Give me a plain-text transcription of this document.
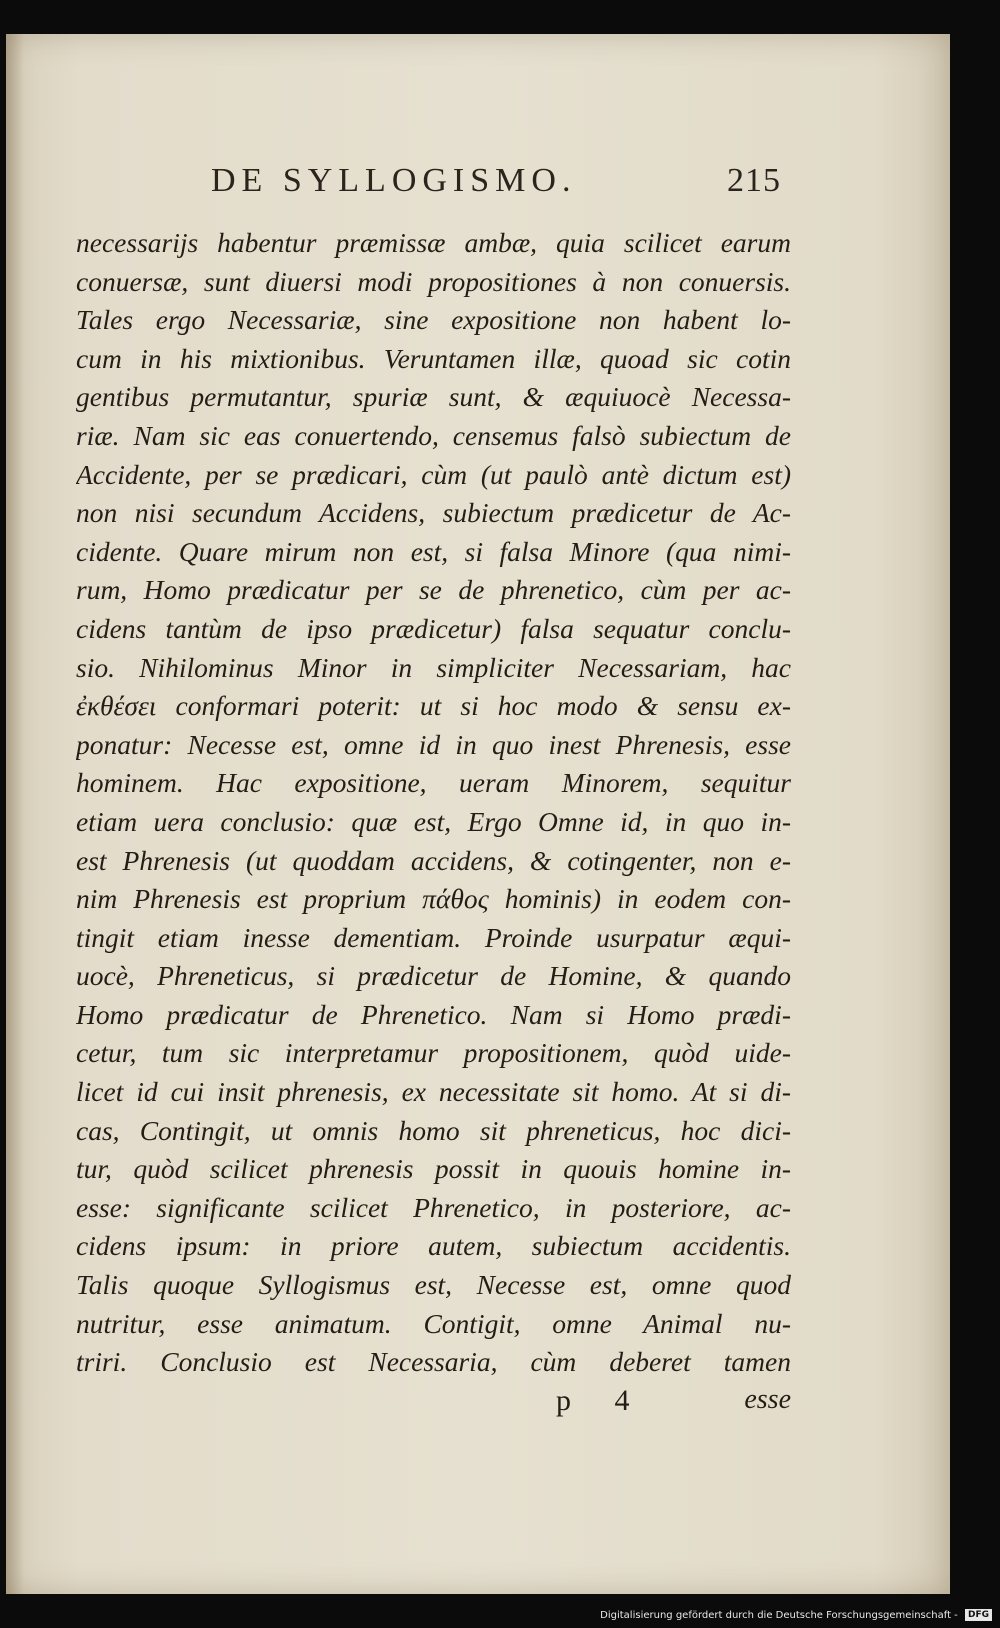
DE SYLLOGISMO.	215
necessarijs habentur præmissæ ambæ, quia scilicet earum
conuersæ, sunt diuersi modi propositiones à non conuersis.
Tales ergo Necessariæ, sine expositione non habent lo-
cum in his mixtionibus. Veruntamen illæ, quoad sic cotin
gentibus permutantur, spuriæ sunt, & æquiuocè Necessa-
riæ. Nam sic eas conuertendo, censemus falsò subiectum de
Accidente, per se prædicari, cùm (ut paulò antè dictum est)
non nisi secundum Accidens, subiectum prædicetur de Ac-
cidente. Quare mirum non est, si falsa Minore (qua nimi-
rum, Homo prædicatur per se de phrenetico, cùm per ac-
cidens tantùm de ipso prædicetur) falsa sequatur conclu-
sio. Nihilominus Minor in simpliciter Necessariam, hac
ἐκθέσει conformari poterit: ut si hoc modo & sensu ex-
ponatur: Necesse est, omne id in quo inest Phrenesis, esse
hominem. Hac expositione, ueram Minorem, sequitur
etiam uera conclusio: quæ est, Ergo Omne id, in quo in-
est Phrenesis (ut quoddam accidens, & cotingenter, non e-
nim Phrenesis est proprium πάθος hominis) in eodem con-
tingit etiam inesse dementiam. Proinde usurpatur æqui-
uocè, Phreneticus, si prædicetur de Homine, & quando
Homo prædicatur de Phrenetico. Nam si Homo prædi-
cetur, tum sic interpretamur propositionem, quòd uide-
licet id cui insit phrenesis, ex necessitate sit homo. At si di-
cas, Contingit, ut omnis homo sit phreneticus, hoc dici-
tur, quòd scilicet phrenesis possit in quouis homine in-
esse: significante scilicet Phrenetico, in posteriore, ac-
cidens ipsum: in priore autem, subiectum accidentis.
Talis quoque Syllogismus est, Necesse est, omne quod
nutritur, esse animatum. Contigit, omne Animal nu-
triri. Conclusio est Necessaria, cùm deberet tamen
p 4	esse
Digitalisierung gefördert durch die Deutsche Forschungsgemeinschaft - DFG
